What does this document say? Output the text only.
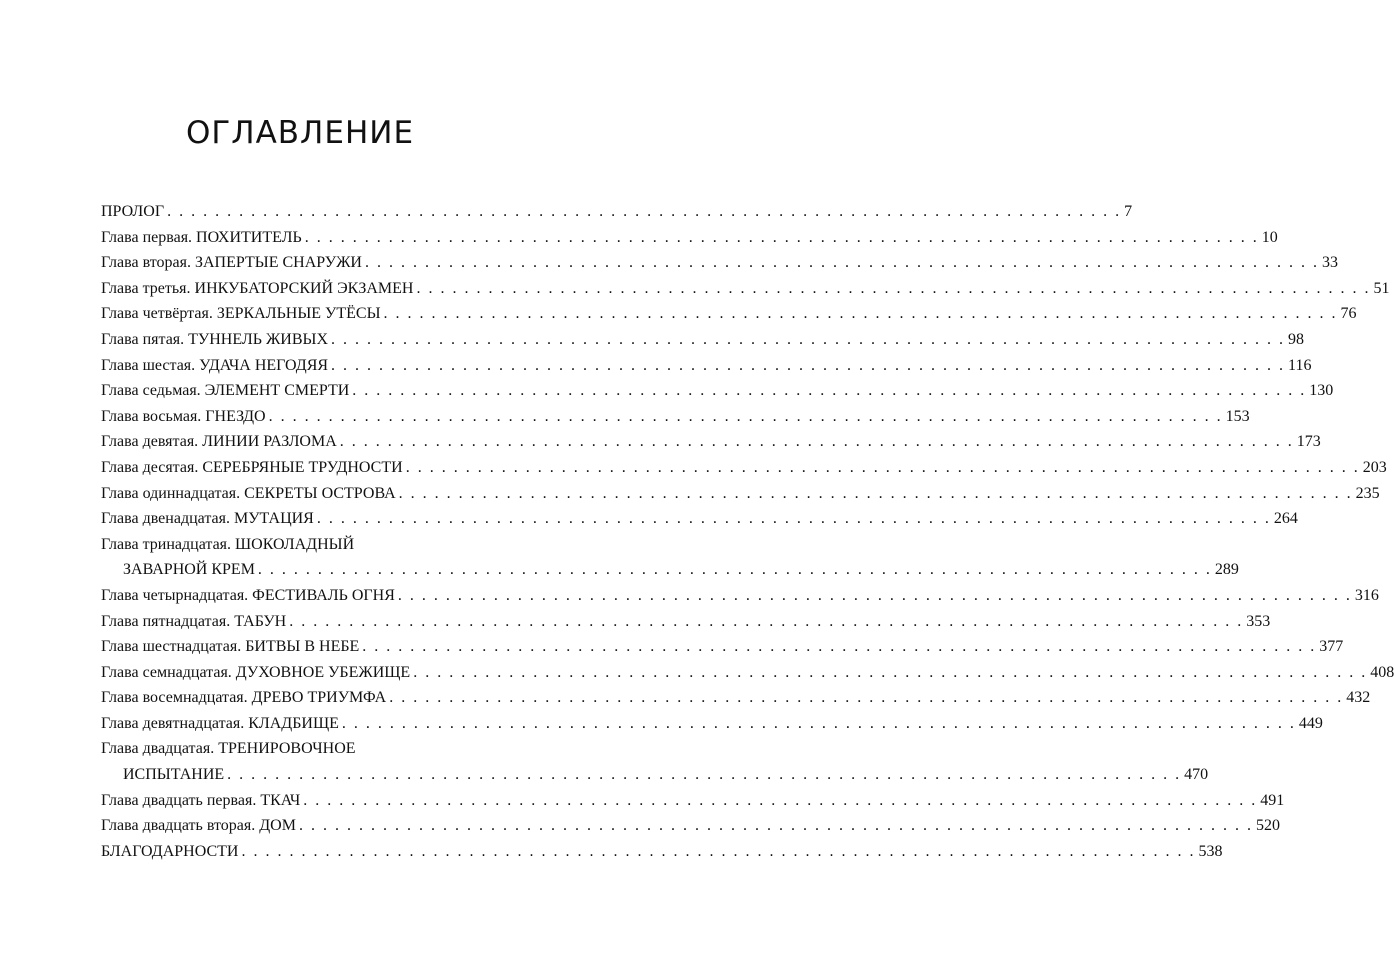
ОГЛАВЛЕНИЕ
ПРОЛОГ . . . . . . . . . . . . . . . . . . . . . . . . . . . . . . . . . . . . . . . . . . . . . . . . . . . . . . . . . . . . . . . . . . . . . . . . . . . . . . . . 7
Глава первая. ПОХИТИТЕЛЬ . . . . . . . . . . . . . . . . . . . . . . . . . . . . . . . . . . . . . . . . . . . . . . . . . . . . . . . . . . . . . . . . . . . . . . . . . . . . . . . . 10
Глава вторая. ЗАПЕРТЫЕ СНАРУЖИ . . . . . . . . . . . . . . . . . . . . . . . . . . . . . . . . . . . . . . . . . . . . . . . . . . . . . . . . . . . . . . . . . . . . . . . . . . . . . . . . 33
Глава третья. ИНКУБАТОРСКИЙ ЭКЗАМЕН . . . . . . . . . . . . . . . . . . . . . . . . . . . . . . . . . . . . . . . . . . . . . . . . . . . . . . . . . . . . . . . . . . . . . . . . . . . . . . . . 51
Глава четвёртая. ЗЕРКАЛЬНЫЕ УТЁСЫ . . . . . . . . . . . . . . . . . . . . . . . . . . . . . . . . . . . . . . . . . . . . . . . . . . . . . . . . . . . . . . . . . . . . . . . . . . . . . . . . 76
Глава пятая. ТУННЕЛЬ ЖИВЫХ . . . . . . . . . . . . . . . . . . . . . . . . . . . . . . . . . . . . . . . . . . . . . . . . . . . . . . . . . . . . . . . . . . . . . . . . . . . . . . . . 98
Глава шестая. УДАЧА НЕГОДЯЯ . . . . . . . . . . . . . . . . . . . . . . . . . . . . . . . . . . . . . . . . . . . . . . . . . . . . . . . . . . . . . . . . . . . . . . . . . . . . . . . . 116
Глава седьмая. ЭЛЕМЕНТ СМЕРТИ . . . . . . . . . . . . . . . . . . . . . . . . . . . . . . . . . . . . . . . . . . . . . . . . . . . . . . . . . . . . . . . . . . . . . . . . . . . . . . . . 130
Глава восьмая. ГНЕЗДО . . . . . . . . . . . . . . . . . . . . . . . . . . . . . . . . . . . . . . . . . . . . . . . . . . . . . . . . . . . . . . . . . . . . . . . . . . . . . . . . 153
Глава девятая. ЛИНИИ РАЗЛОМА . . . . . . . . . . . . . . . . . . . . . . . . . . . . . . . . . . . . . . . . . . . . . . . . . . . . . . . . . . . . . . . . . . . . . . . . . . . . . . . . 173
Глава десятая. СЕРЕБРЯНЫЕ ТРУДНОСТИ . . . . . . . . . . . . . . . . . . . . . . . . . . . . . . . . . . . . . . . . . . . . . . . . . . . . . . . . . . . . . . . . . . . . . . . . . . . . . . . . 203
Глава одиннадцатая. СЕКРЕТЫ ОСТРОВА . . . . . . . . . . . . . . . . . . . . . . . . . . . . . . . . . . . . . . . . . . . . . . . . . . . . . . . . . . . . . . . . . . . . . . . . . . . . . . . . 235
Глава двенадцатая. МУТАЦИЯ . . . . . . . . . . . . . . . . . . . . . . . . . . . . . . . . . . . . . . . . . . . . . . . . . . . . . . . . . . . . . . . . . . . . . . . . . . . . . . . . 264
Глава тринадцатая. ШОКОЛАДНЫЙ
ЗАВАРНОЙ КРЕМ . . . . . . . . . . . . . . . . . . . . . . . . . . . . . . . . . . . . . . . . . . . . . . . . . . . . . . . . . . . . . . . . . . . . . . . . . . . . . . . . 289
Глава четырнадцатая. ФЕСТИВАЛЬ ОГНЯ . . . . . . . . . . . . . . . . . . . . . . . . . . . . . . . . . . . . . . . . . . . . . . . . . . . . . . . . . . . . . . . . . . . . . . . . . . . . . . . . 316
Глава пятнадцатая. ТАБУН . . . . . . . . . . . . . . . . . . . . . . . . . . . . . . . . . . . . . . . . . . . . . . . . . . . . . . . . . . . . . . . . . . . . . . . . . . . . . . . . 353
Глава шестнадцатая. БИТВЫ В НЕБЕ . . . . . . . . . . . . . . . . . . . . . . . . . . . . . . . . . . . . . . . . . . . . . . . . . . . . . . . . . . . . . . . . . . . . . . . . . . . . . . . . 377
Глава семнадцатая. ДУХОВНОЕ УБЕЖИЩЕ . . . . . . . . . . . . . . . . . . . . . . . . . . . . . . . . . . . . . . . . . . . . . . . . . . . . . . . . . . . . . . . . . . . . . . . . . . . . . . . . 408
Глава восемнадцатая. ДРЕВО ТРИУМФА . . . . . . . . . . . . . . . . . . . . . . . . . . . . . . . . . . . . . . . . . . . . . . . . . . . . . . . . . . . . . . . . . . . . . . . . . . . . . . . . 432
Глава девятнадцатая. КЛАДБИЩЕ . . . . . . . . . . . . . . . . . . . . . . . . . . . . . . . . . . . . . . . . . . . . . . . . . . . . . . . . . . . . . . . . . . . . . . . . . . . . . . . . 449
Глава двадцатая. ТРЕНИРОВОЧНОЕ
ИСПЫТАНИЕ . . . . . . . . . . . . . . . . . . . . . . . . . . . . . . . . . . . . . . . . . . . . . . . . . . . . . . . . . . . . . . . . . . . . . . . . . . . . . . . . 470
Глава двадцать первая. ТКАЧ . . . . . . . . . . . . . . . . . . . . . . . . . . . . . . . . . . . . . . . . . . . . . . . . . . . . . . . . . . . . . . . . . . . . . . . . . . . . . . . . 491
Глава двадцать вторая. ДОМ . . . . . . . . . . . . . . . . . . . . . . . . . . . . . . . . . . . . . . . . . . . . . . . . . . . . . . . . . . . . . . . . . . . . . . . . . . . . . . . . 520
БЛАГОДАРНОСТИ . . . . . . . . . . . . . . . . . . . . . . . . . . . . . . . . . . . . . . . . . . . . . . . . . . . . . . . . . . . . . . . . . . . . . . . . . . . . . . . . 538
